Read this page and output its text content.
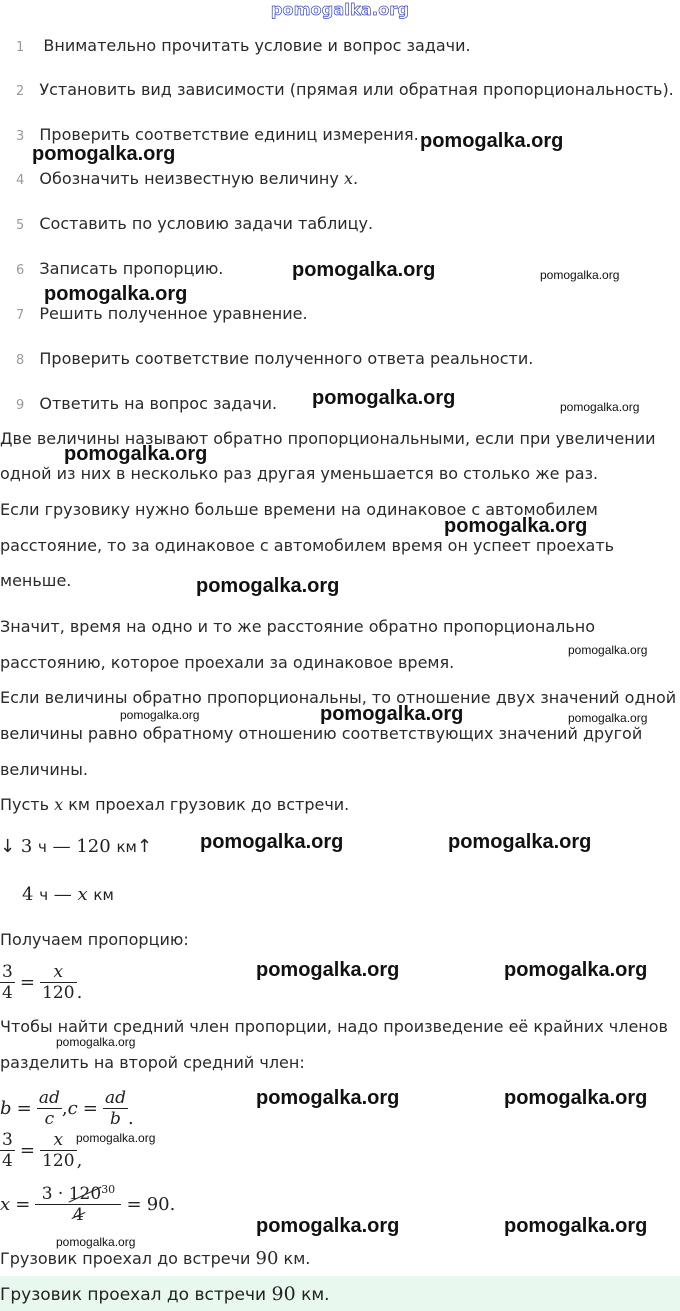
pomogalka.org
1 Внимательно прочитать условие и вопрос задачи.
2 Установить вид зависимости (прямая или обратная пропорциональность).
3 Проверить соответствие единиц измерения.
4 Обозначить неизвестную величину x.
5 Составить по условию задачи таблицу.
6 Записать пропорцию.
7 Решить полученное уравнение.
8 Проверить соответствие полученного ответа реальности.
9 Ответить на вопрос задачи.
Две величины называют обратно пропорциональными, если при увеличении
одной из них в несколько раз другая уменьшается во столько же раз.
Если грузовику нужно больше времени на одинаковое с автомобилем
расстояние, то за одинаковое с автомобилем время он успеет проехать
меньше.
Значит, время на одно и то же расстояние обратно пропорционально
расстоянию, которое проехали за одинаковое время.
Если величины обратно пропорциональны, то отношение двух значений одной
величины равно обратному отношению соответствующих значений другой
величины.
Пусть x км проехал грузовик до встречи.
↓ 3 ч — 120 км↑
4 ч — x км
Получаем пропорцию:
$\frac{3}{4} = \frac{x}{120}$ .
Чтобы найти средний член пропорции, надо произведение её крайних членов
разделить на второй средний член:
$b = \frac{ad}{c} ,c = \frac{ad}{b}$ .
$\frac{3}{4} = \frac{x}{120}$ ,
$x = \frac{3 \cdot 120^{30}}{4} = 90$.
Грузовик проехал до встречи 90 км.
Грузовик проехал до встречи 90 км.
pomogalka.org
pomogalka.org
pomogalka.org	pomogalka.org
pomogalka.org
pomogalka.org	pomogalka.org
pomogalka.org
pomogalka.org
pomogalka.org
pomogalka.org
pomogalka.org	pomogalka.org	pomogalka.org
pomogalka.org	pomogalka.org
pomogalka.org	pomogalka.org
pomogalka.org
pomogalka.org	pomogalka.org
pomogalka.org
pomogalka.org	pomogalka.org
pomogalka.org
